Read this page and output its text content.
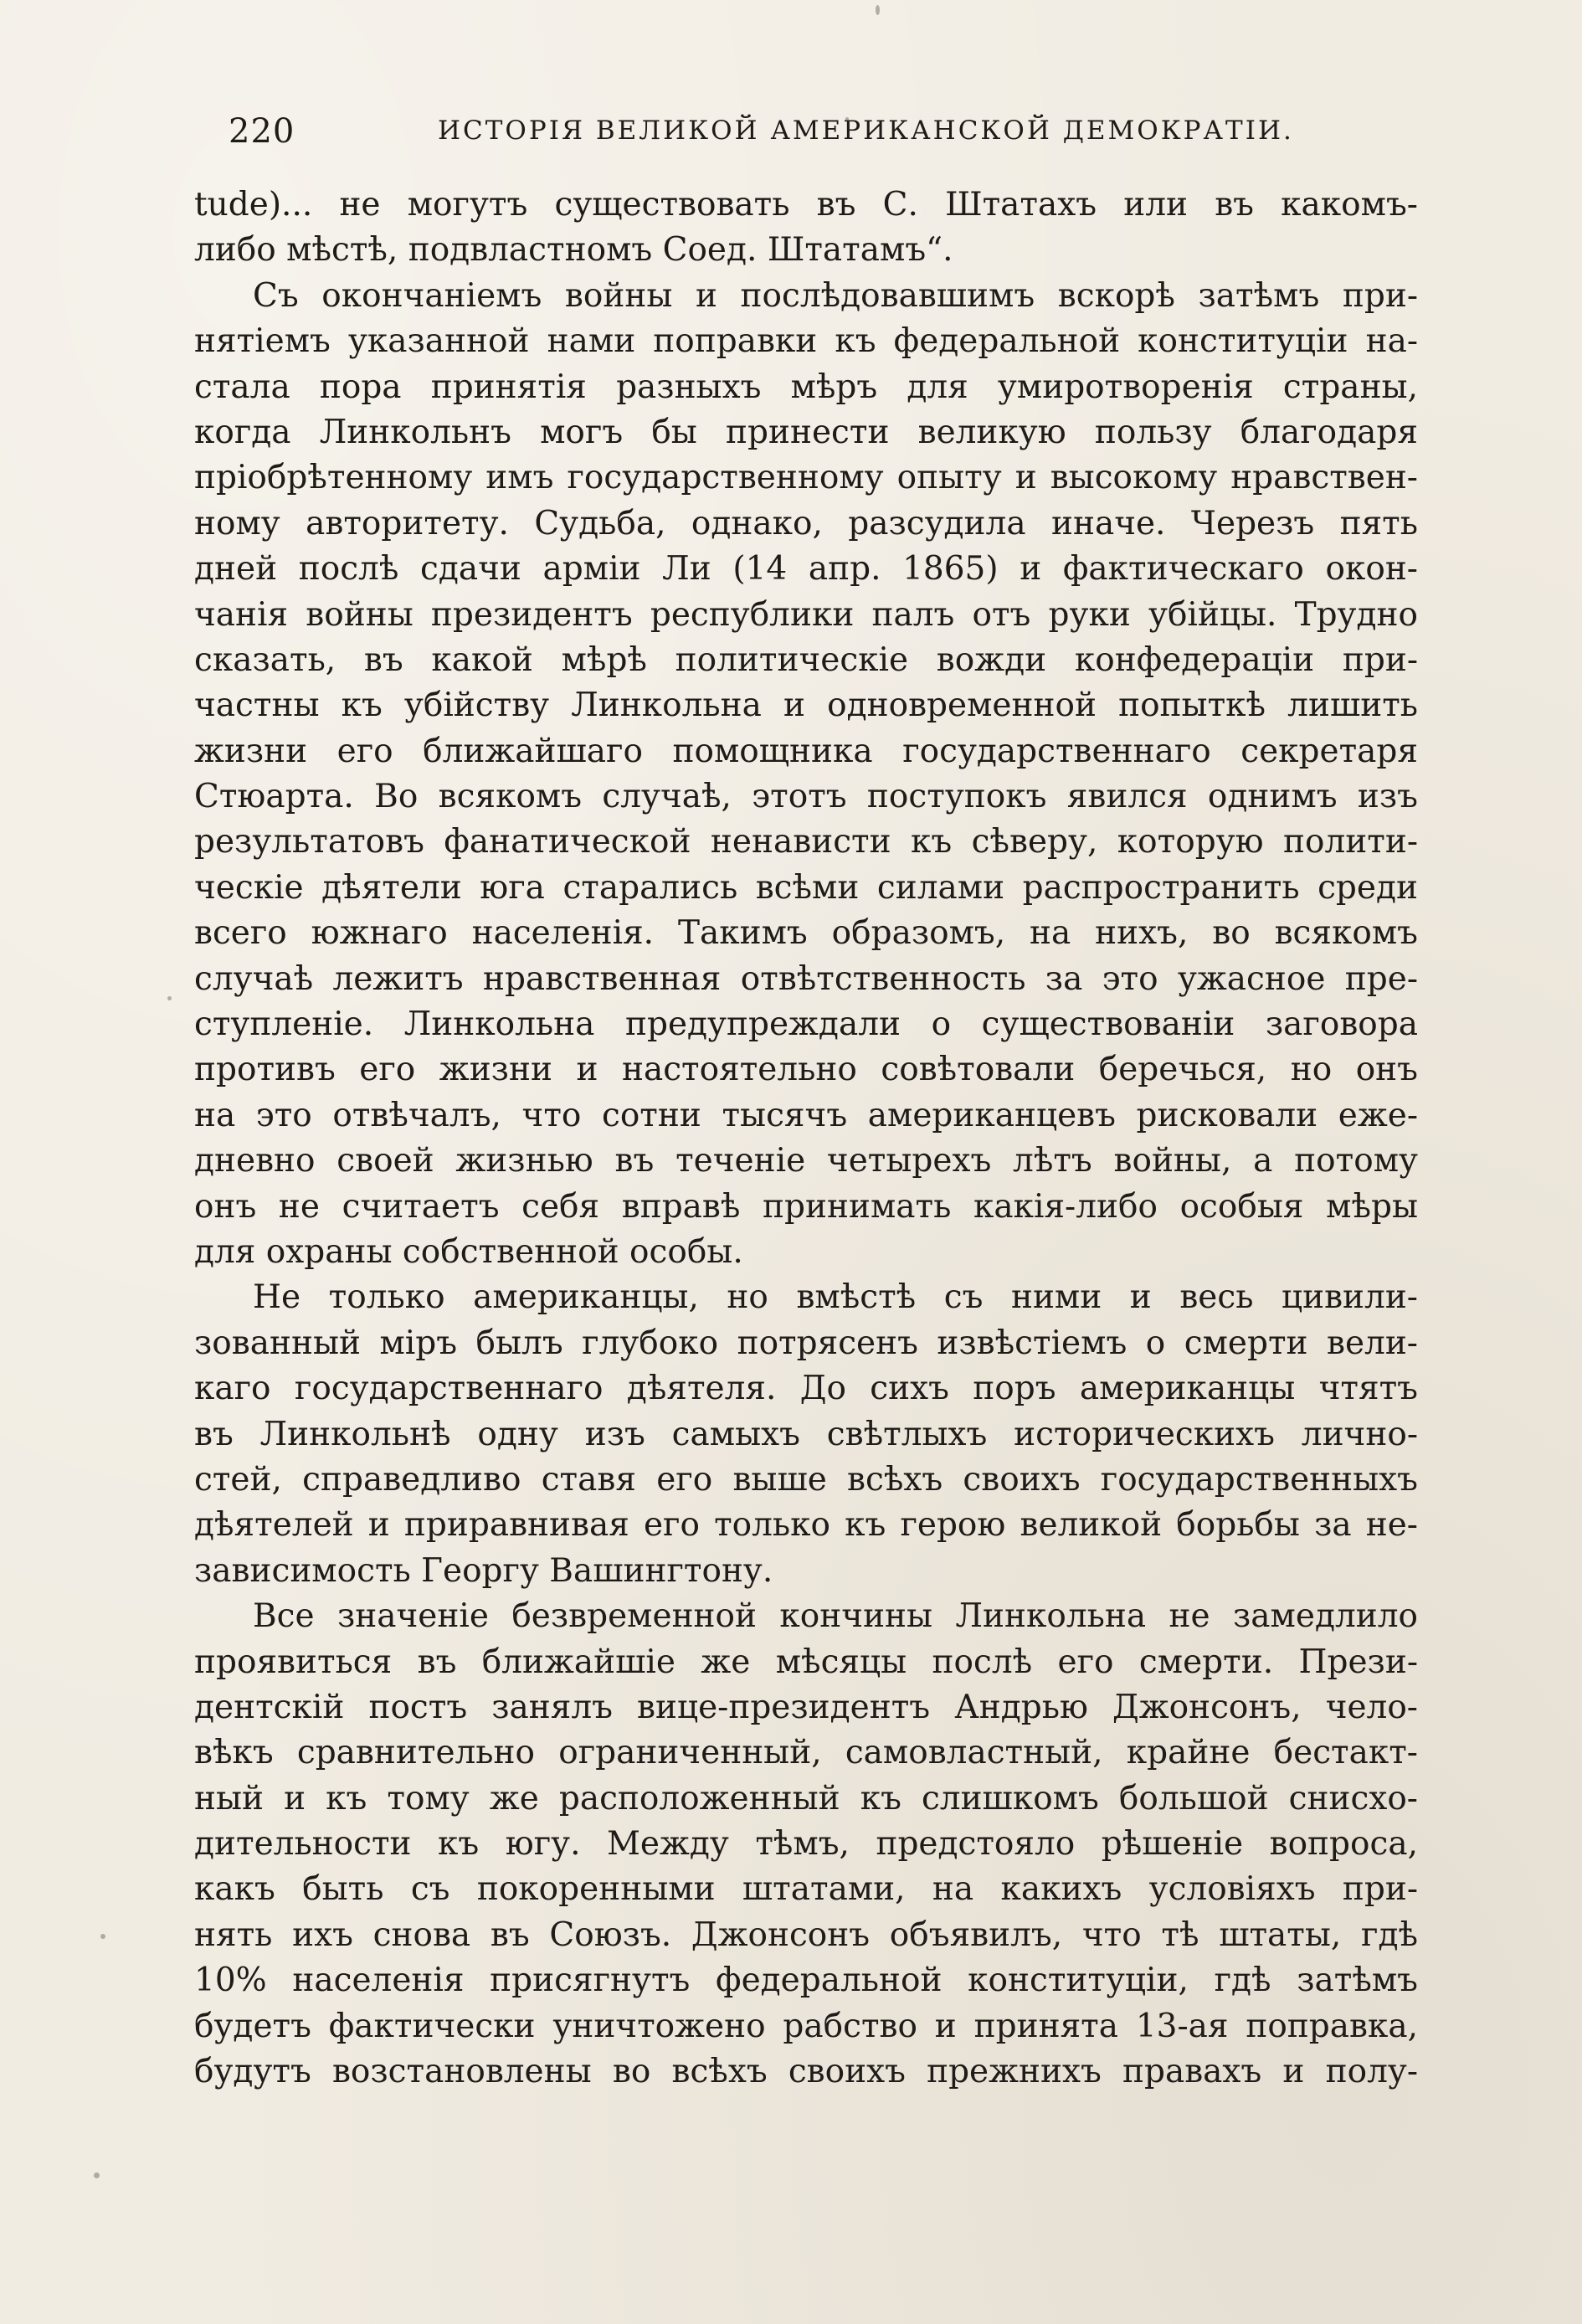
220	ИСТОРІЯ ВЕЛИКОЙ АМЕРИКАНСКОЙ ДЕМОКРАТІИ.
tude)... не могутъ существовать въ С. Штатахъ или въ какомъ-
либо мѣстѣ, подвластномъ Соед. Штатамъ“.
Съ окончаніемъ войны и послѣдовавшимъ вскорѣ затѣмъ при-
нятіемъ указанной нами поправки къ федеральной конституціи на-
стала пора принятія разныхъ мѣръ для умиротворенія страны,
когда Линкольнъ могъ бы принести великую пользу благодаря
пріобрѣтенному имъ государственному опыту и высокому нравствен-
ному авторитету. Судьба, однако, разсудила иначе. Черезъ пять
дней послѣ сдачи арміи Ли (14 апр. 1865) и фактическаго окон-
чанія войны президентъ республики палъ отъ руки убійцы. Трудно
сказать, въ какой мѣрѣ политическіе вожди конфедераціи при-
частны къ убійству Линкольна и одновременной попыткѣ лишить
жизни его ближайшаго помощника государственнаго секретаря
Стюарта. Во всякомъ случаѣ, этотъ поступокъ явился однимъ изъ
результатовъ фанатической ненависти къ сѣверу, которую полити-
ческіе дѣятели юга старались всѣми силами распространить среди
всего южнаго населенія. Такимъ образомъ, на нихъ, во всякомъ
случаѣ лежитъ нравственная отвѣтственность за это ужасное пре-
ступленіе. Линкольна предупреждали о существованіи заговора
противъ его жизни и настоятельно совѣтовали беречься, но онъ
на это отвѣчалъ, что сотни тысячъ американцевъ рисковали еже-
дневно своей жизнью въ теченіе четырехъ лѣтъ войны, а потому
онъ не считаетъ себя вправѣ принимать какія-либо особыя мѣры
для охраны собственной особы.
Не только американцы, но вмѣстѣ съ ними и весь цивили-
зованный міръ былъ глубоко потрясенъ извѣстіемъ о смерти вели-
каго государственнаго дѣятеля. До сихъ поръ американцы чтятъ
въ Линкольнѣ одну изъ самыхъ свѣтлыхъ историческихъ лично-
стей, справедливо ставя его выше всѣхъ своихъ государственныхъ
дѣятелей и приравнивая его только къ герою великой борьбы за не-
зависимость Георгу Вашингтону.
Все значеніе безвременной кончины Линкольна не замедлило
проявиться въ ближайшіе же мѣсяцы послѣ его смерти. Прези-
дентскій постъ занялъ вице-президентъ Андрью Джонсонъ, чело-
вѣкъ сравнительно ограниченный, самовластный, крайне бестакт-
ный и къ тому же расположенный къ слишкомъ большой снисхо-
дительности къ югу. Между тѣмъ, предстояло рѣшеніе вопроса,
какъ быть съ покоренными штатами, на какихъ условіяхъ при-
нять ихъ снова въ Союзъ. Джонсонъ объявилъ, что тѣ штаты, гдѣ
10% населенія присягнутъ федеральной конституціи, гдѣ затѣмъ
будетъ фактически уничтожено рабство и принята 13-ая поправка,
будутъ возстановлены во всѣхъ своихъ прежнихъ правахъ и полу-
